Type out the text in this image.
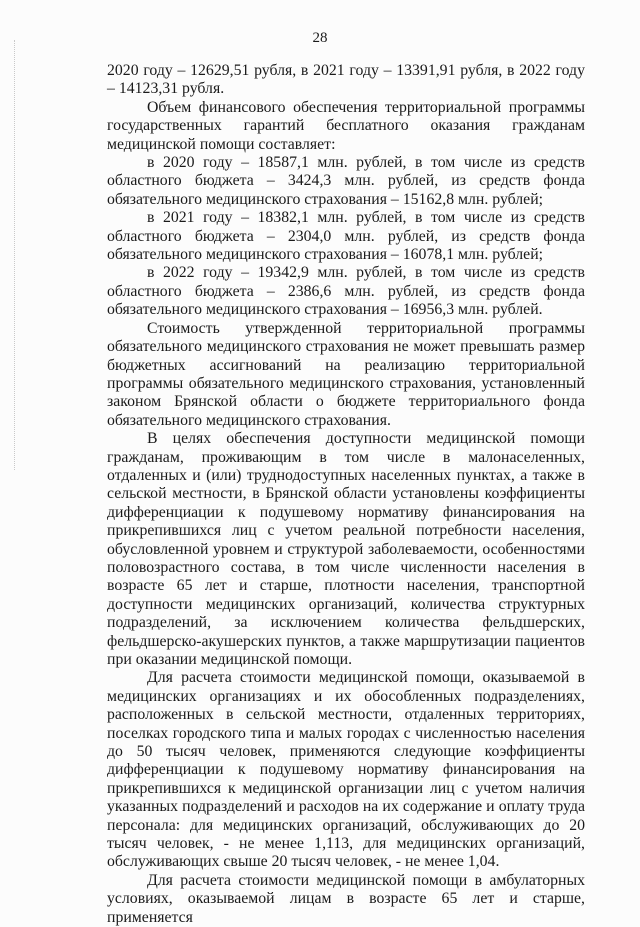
28

2020 году – 12629,51 рубля, в 2021 году – 13391,91 рубля, в 2022 году – 14123,31 рубля.

Объем финансового обеспечения территориальной программы государственных гарантий бесплатного оказания гражданам медицинской помощи составляет:

в 2020 году – 18587,1 млн. рублей, в том числе из средств областного бюджета – 3424,3 млн. рублей, из средств фонда обязательного медицинского страхования – 15162,8 млн. рублей;

в 2021 году – 18382,1 млн. рублей, в том числе из средств областного бюджета – 2304,0 млн. рублей, из средств фонда обязательного медицинского страхования – 16078,1 млн. рублей;

в 2022 году – 19342,9 млн. рублей, в том числе из средств областного бюджета – 2386,6 млн. рублей, из средств фонда обязательного медицинского страхования – 16956,3 млн. рублей.

Стоимость утвержденной территориальной программы обязательного медицинского страхования не может превышать размер бюджетных ассигнований на реализацию территориальной программы обязательного медицинского страхования, установленный законом Брянской области о бюджете территориального фонда обязательного медицинского страхования.

В целях обеспечения доступности медицинской помощи гражданам, проживающим в том числе в малонаселенных, отдаленных и (или) труднодоступных населенных пунктах, а также в сельской местности, в Брянской области установлены коэффициенты дифференциации к подушевому нормативу финансирования на прикрепившихся лиц с учетом реальной потребности населения, обусловленной уровнем и структурой заболеваемости, особенностями половозрастного состава, в том числе численности населения в возрасте 65 лет и старше, плотности населения, транспортной доступности медицинских организаций, количества структурных подразделений, за исключением количества фельдшерских, фельдшерско-акушерских пунктов, а также маршрутизации пациентов при оказании медицинской помощи.

Для расчета стоимости медицинской помощи, оказываемой в медицинских организациях и их обособленных подразделениях, расположенных в сельской местности, отдаленных территориях, поселках городского типа и малых городах с численностью населения до 50 тысяч человек, применяются следующие коэффициенты дифференциации к подушевому нормативу финансирования на прикрепившихся к медицинской организации лиц с учетом наличия указанных подразделений и расходов на их содержание и оплату труда персонала: для медицинских организаций, обслуживающих до 20 тысяч человек, - не менее 1,113, для медицинских организаций, обслуживающих свыше 20 тысяч человек, - не менее 1,04.

Для расчета стоимости медицинской помощи в амбулаторных условиях, оказываемой лицам в возрасте 65 лет и старше, применяется
